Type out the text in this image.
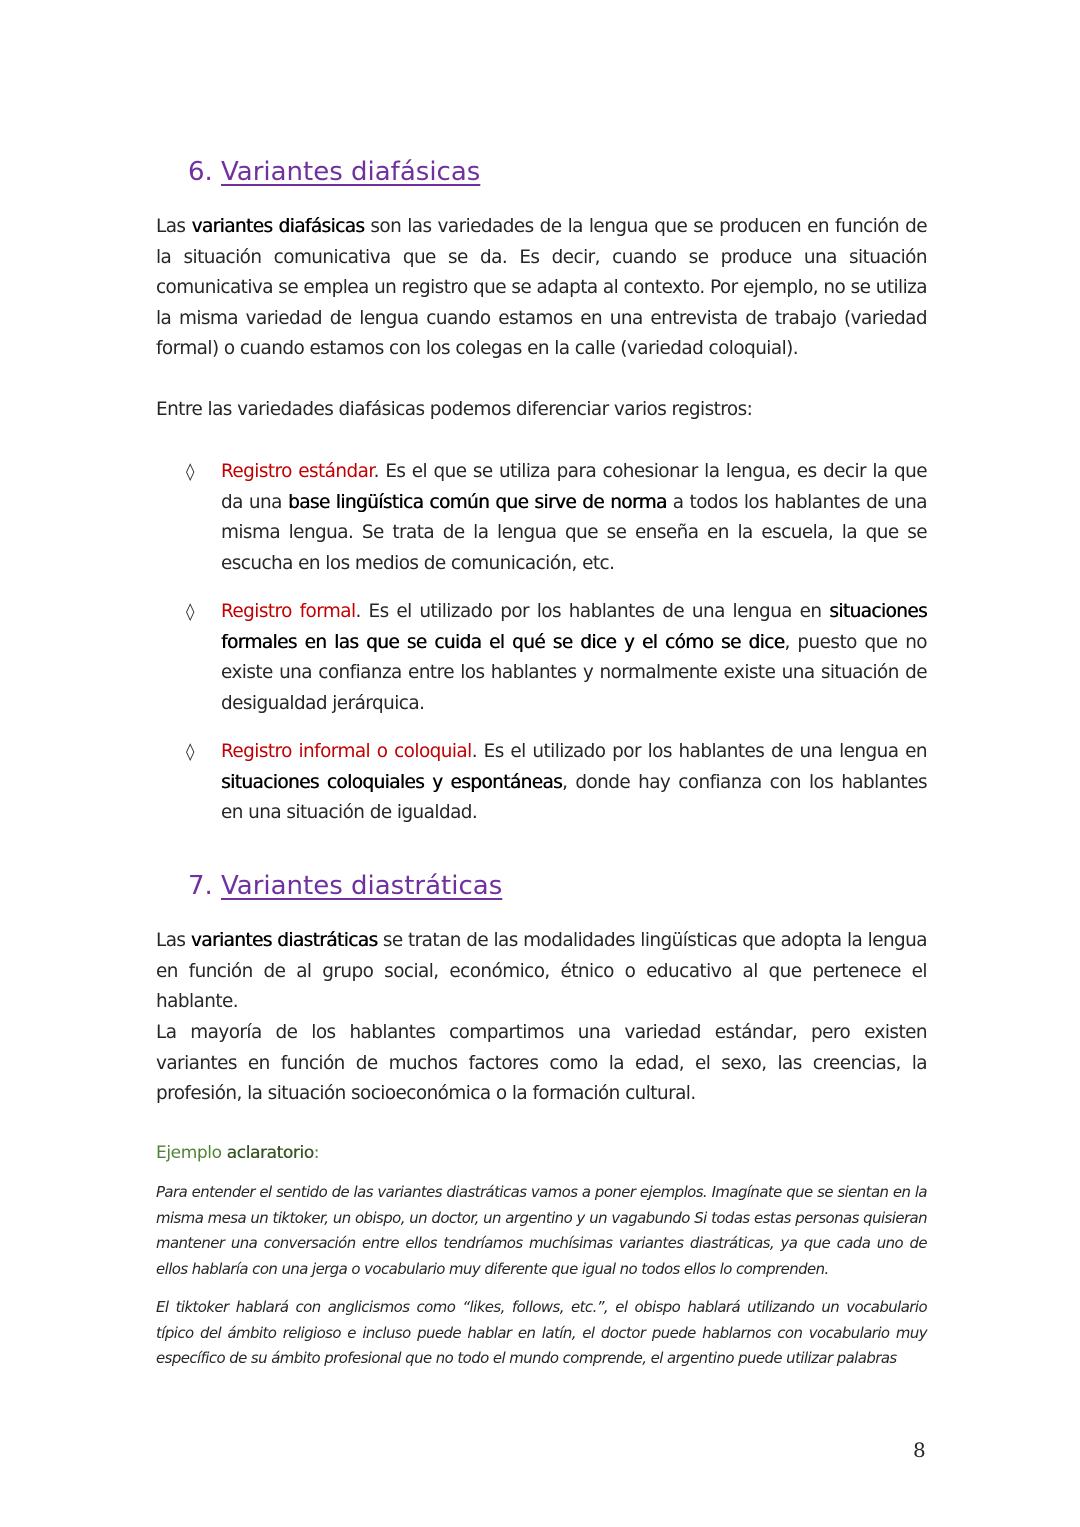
6. Variantes diafásicas

Las variantes diafásicas son las variedades de la lengua que se producen en función de la situación comunicativa que se da. Es decir, cuando se produce una situación comunicativa se emplea un registro que se adapta al contexto. Por ejemplo, no se utiliza la misma variedad de lengua cuando estamos en una entrevista de trabajo (variedad formal) o cuando estamos con los colegas en la calle (variedad coloquial).

Entre las variedades diafásicas podemos diferenciar varios registros:

◊ Registro estándar. Es el que se utiliza para cohesionar la lengua, es decir la que da una base lingüística común que sirve de norma a todos los hablantes de una misma lengua. Se trata de la lengua que se enseña en la escuela, la que se escucha en los medios de comunicación, etc.
◊ Registro formal. Es el utilizado por los hablantes de una lengua en situaciones formales en las que se cuida el qué se dice y el cómo se dice, puesto que no existe una confianza entre los hablantes y normalmente existe una situación de desigualdad jerárquica.
◊ Registro informal o coloquial. Es el utilizado por los hablantes de una lengua en situaciones coloquiales y espontáneas, donde hay confianza con los hablantes en una situación de igualdad.
7. Variantes diastráticas

Las variantes diastráticas se tratan de las modalidades lingüísticas que adopta la lengua en función de al grupo social, económico, étnico o educativo al que pertenece el hablante.

La mayoría de los hablantes compartimos una variedad estándar, pero existen variantes en función de muchos factores como la edad, el sexo, las creencias, la profesión, la situación socioeconómica o la formación cultural.

Ejemplo aclaratorio:

Para entender el sentido de las variantes diastráticas vamos a poner ejemplos. Imagínate que se sientan en la misma mesa un tiktoker, un obispo, un doctor, un argentino y un vagabundo Si todas estas personas quisieran mantener una conversación entre ellos tendríamos muchísimas variantes diastráticas, ya que cada uno de ellos hablaría con una jerga o vocabulario muy diferente que igual no todos ellos lo comprenden.

El tiktoker hablará con anglicismos como “likes, follows, etc.”, el obispo hablará utilizando un vocabulario típico del ámbito religioso e incluso puede hablar en latín, el doctor puede hablarnos con vocabulario muy específico de su ámbito profesional que no todo el mundo comprende, el argentino puede utilizar palabras

8
